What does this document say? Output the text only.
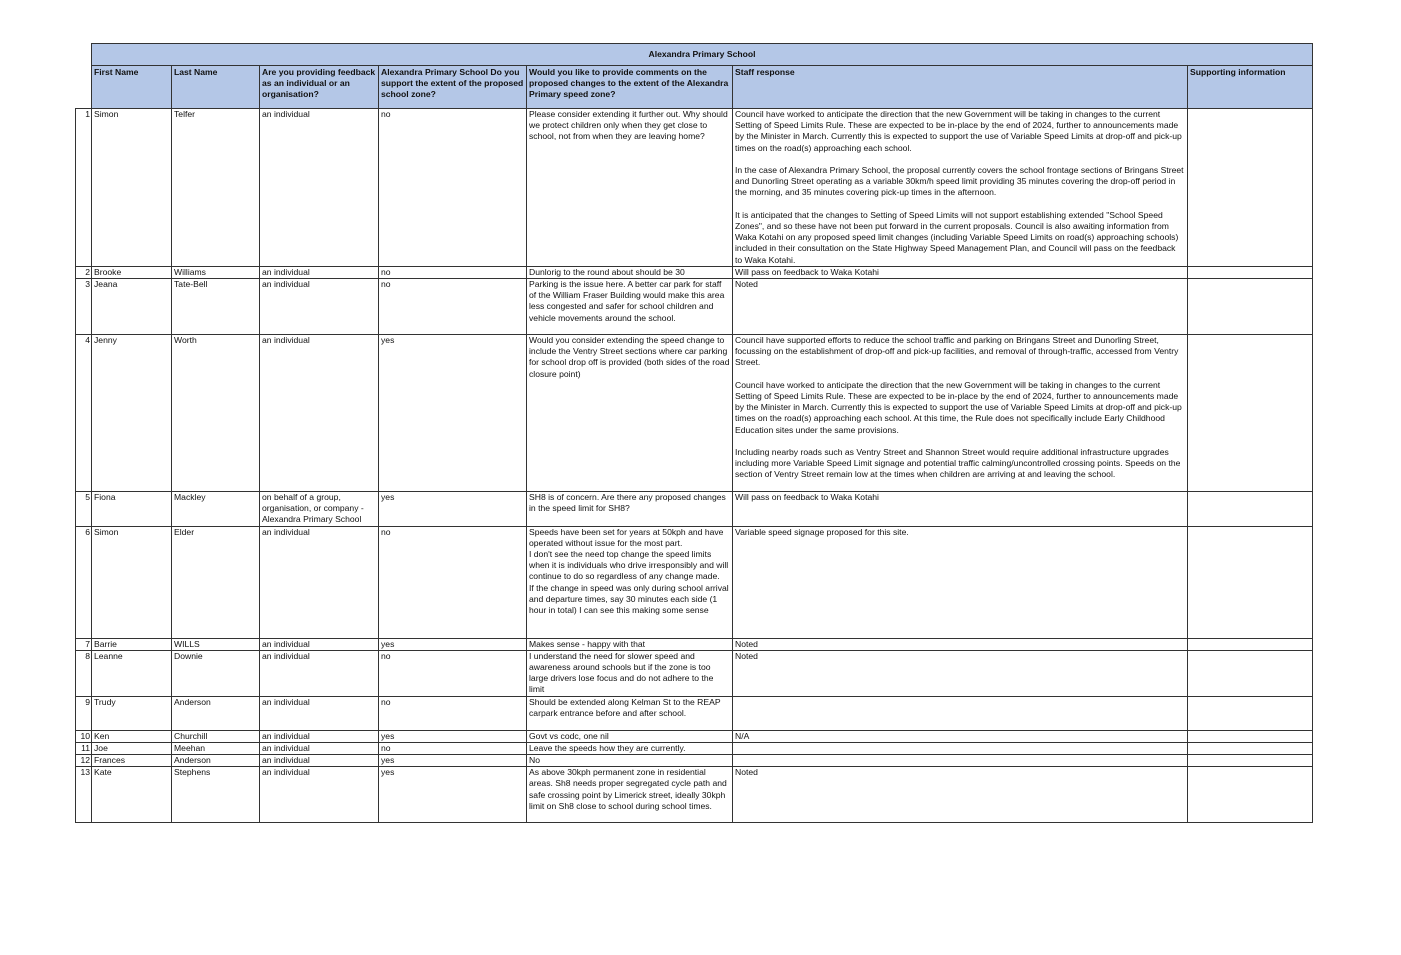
	Alexandra Primary School						
	First Name	Last Name	Are you providing feedback as an individual or an organisation?	Alexandra Primary School Do you support the extent of the proposed school zone?	Would you like to provide comments on the proposed changes to the extent of the Alexandra Primary speed zone?	Staff response	Supporting information
1	Simon	Telfer	an individual	no	Please consider extending it further out. Why should we protect children only when they get close to school, not from when they are leaving home?	Council have worked to anticipate the direction that the new Government will be taking in changes to the current Setting of Speed Limits Rule. These are expected to be in-place by the end of 2024, further to announcements made by the Minister in March. Currently this is expected to support the use of Variable Speed Limits at drop-off and pick-up times on the road(s) approaching each school.

In the case of Alexandra Primary School, the proposal currently covers the school frontage sections of Bringans Street and Dunorling Street operating as a variable 30km/h speed limit providing 35 minutes covering the drop-off period in the morning, and 35 minutes covering pick-up times in the afternoon.

It is anticipated that the changes to Setting of Speed Limits will not support establishing extended "School Speed Zones", and so these have not been put forward in the current proposals. Council is also awaiting information from Waka Kotahi on any proposed speed limit changes (including Variable Speed Limits on road(s) approaching schools) included in their consultation on the State Highway Speed Management Plan, and Council will pass on the feedback to Waka Kotahi.	
2	Brooke	Williams	an individual	no	Dunlorig to the round about should be 30	Will pass on feedback to Waka Kotahi	
3	Jeana	Tate-Bell	an individual	no	Parking is the issue here. A better car park for staff of the William Fraser Building would make this area less congested and safer for school children and vehicle movements around the school.	Noted	
4	Jenny	Worth	an individual	yes	Would you consider extending the speed change to include the Ventry Street sections where car parking for school drop off is provided (both sides of the road closure point)	Council have supported efforts to reduce the school traffic and parking on Bringans Street and Dunorling Street, focussing on the establishment of drop-off and pick-up facilities, and removal of through-traffic, accessed from Ventry Street.

Council have worked to anticipate the direction that the new Government will be taking in changes to the current Setting of Speed Limits Rule. These are expected to be in-place by the end of 2024, further to announcements made by the Minister in March. Currently this is expected to support the use of Variable Speed Limits at drop-off and pick-up times on the road(s) approaching each school. At this time, the Rule does not specifically include Early Childhood Education sites under the same provisions.

Including nearby roads such as Ventry Street and Shannon Street would require additional infrastructure upgrades including more Variable Speed Limit signage and potential traffic calming/uncontrolled crossing points. Speeds on the section of Ventry Street remain low at the times when children are arriving at and leaving the school.	
5	Fiona	Mackley	on behalf of a group, organisation, or company - Alexandra Primary School	yes	SH8 is of concern. Are there any proposed changes in the speed limit for SH8?	Will pass on feedback to Waka Kotahi	
6	Simon	Elder	an individual	no	Speeds have been set for years at 50kph and have operated without issue for the most part.
I don't see the need top change the speed limits when it is individuals who drive irresponsibly and will continue to do so regardless of any change made.
If the change in speed was only during school arrival and departure times, say 30 minutes each side (1 hour in total) I can see this making some sense	Variable speed signage proposed for this site.	
7	Barrie	WILLS	an individual	yes	Makes sense - happy with that	Noted	
8	Leanne	Downie	an individual	no	I understand the need for slower speed and awareness around schools but if the zone is too large drivers lose focus and do not adhere to the limit	Noted	
9	Trudy	Anderson	an individual	no	Should be extended along Kelman St to the REAP carpark entrance before and after school.		
10	Ken	Churchill	an individual	yes	Govt vs codc, one nil	N/A	
11	Joe	Meehan	an individual	no	Leave the speeds how they are currently.		
12	Frances	Anderson	an individual	yes	No		
13	Kate	Stephens	an individual	yes	As above 30kph permanent zone in residential areas. Sh8 needs proper segregated cycle path and safe crossing point by Limerick street, ideally 30kph limit on Sh8 close to school during school times.	Noted	
